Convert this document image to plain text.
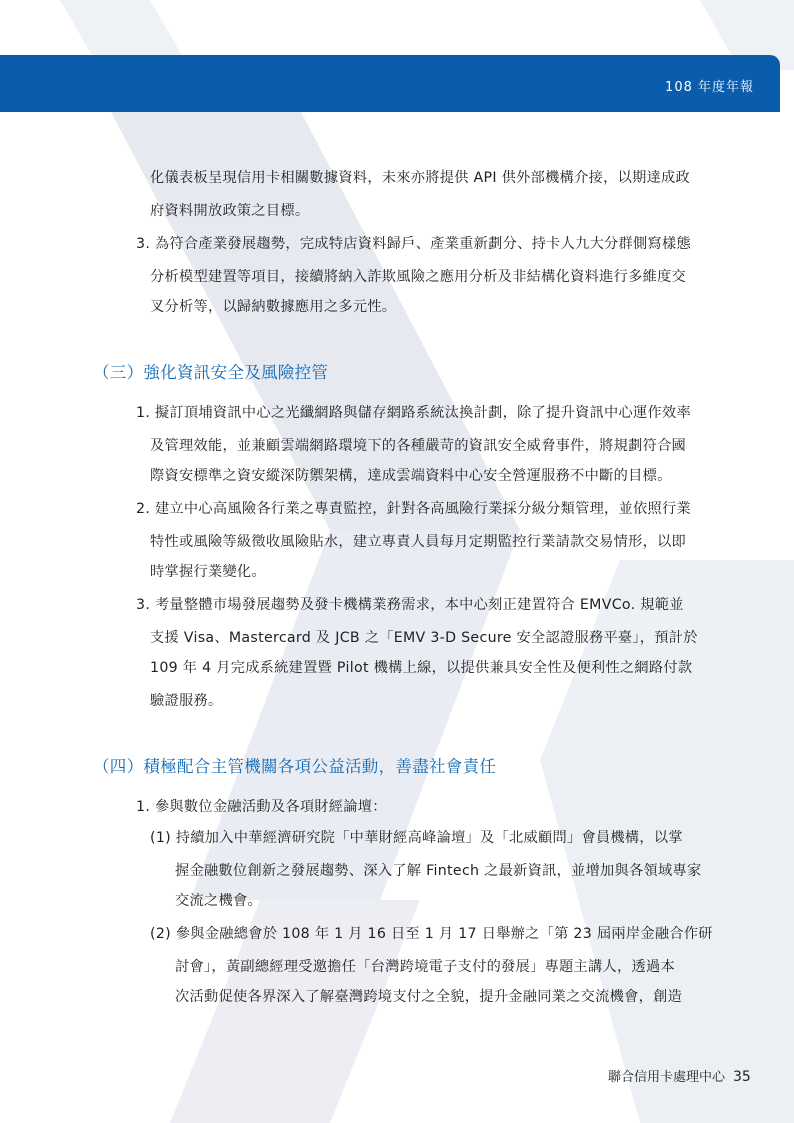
108 年度年報
化儀表板呈現信用卡相關數據資料，未來亦將提供 API 供外部機構介接，以期達成政
府資料開放政策之目標。
3. 為符合產業發展趨勢，完成特店資料歸戶、產業重新劃分、持卡人九大分群側寫樣態
分析模型建置等項目，接續將納入詐欺風險之應用分析及非結構化資料進行多維度交
叉分析等，以歸納數據應用之多元性。
（三）強化資訊安全及風險控管
1. 擬訂頂埔資訊中心之光纖網路與儲存網路系統汰換計劃，除了提升資訊中心運作效率
及管理效能，並兼顧雲端網路環境下的各種嚴苛的資訊安全威脅事件，將規劃符合國
際資安標準之資安縱深防禦架構，達成雲端資料中心安全營運服務不中斷的目標。
2. 建立中心高風險各行業之專責監控，針對各高風險行業採分級分類管理，並依照行業
特性或風險等級徵收風險貼水，建立專責人員每月定期監控行業請款交易情形，以即
時掌握行業變化。
3. 考量整體市場發展趨勢及發卡機構業務需求，本中心刻正建置符合 EMVCo. 規範並
支援 Visa、Mastercard 及 JCB 之「EMV 3-D Secure 安全認證服務平臺」，預計於
109 年 4 月完成系統建置暨 Pilot 機構上線，以提供兼具安全性及便利性之網路付款
驗證服務。
（四）積極配合主管機關各項公益活動，善盡社會責任
1. 參與數位金融活動及各項財經論壇：
(1) 持續加入中華經濟研究院「中華財經高峰論壇」及「北威顧問」會員機構，以掌
握金融數位創新之發展趨勢、深入了解 Fintech 之最新資訊，並增加與各領域專家
交流之機會。
(2) 參與金融總會於 108 年 1 月 16 日至 1 月 17 日舉辦之「第 23 屆兩岸金融合作研
討會」，黃副總經理受邀擔任「台灣跨境電子支付的發展」專題主講人，透過本
次活動促使各界深入了解臺灣跨境支付之全貌，提升金融同業之交流機會，創造
聯合信用卡處理中心 35
